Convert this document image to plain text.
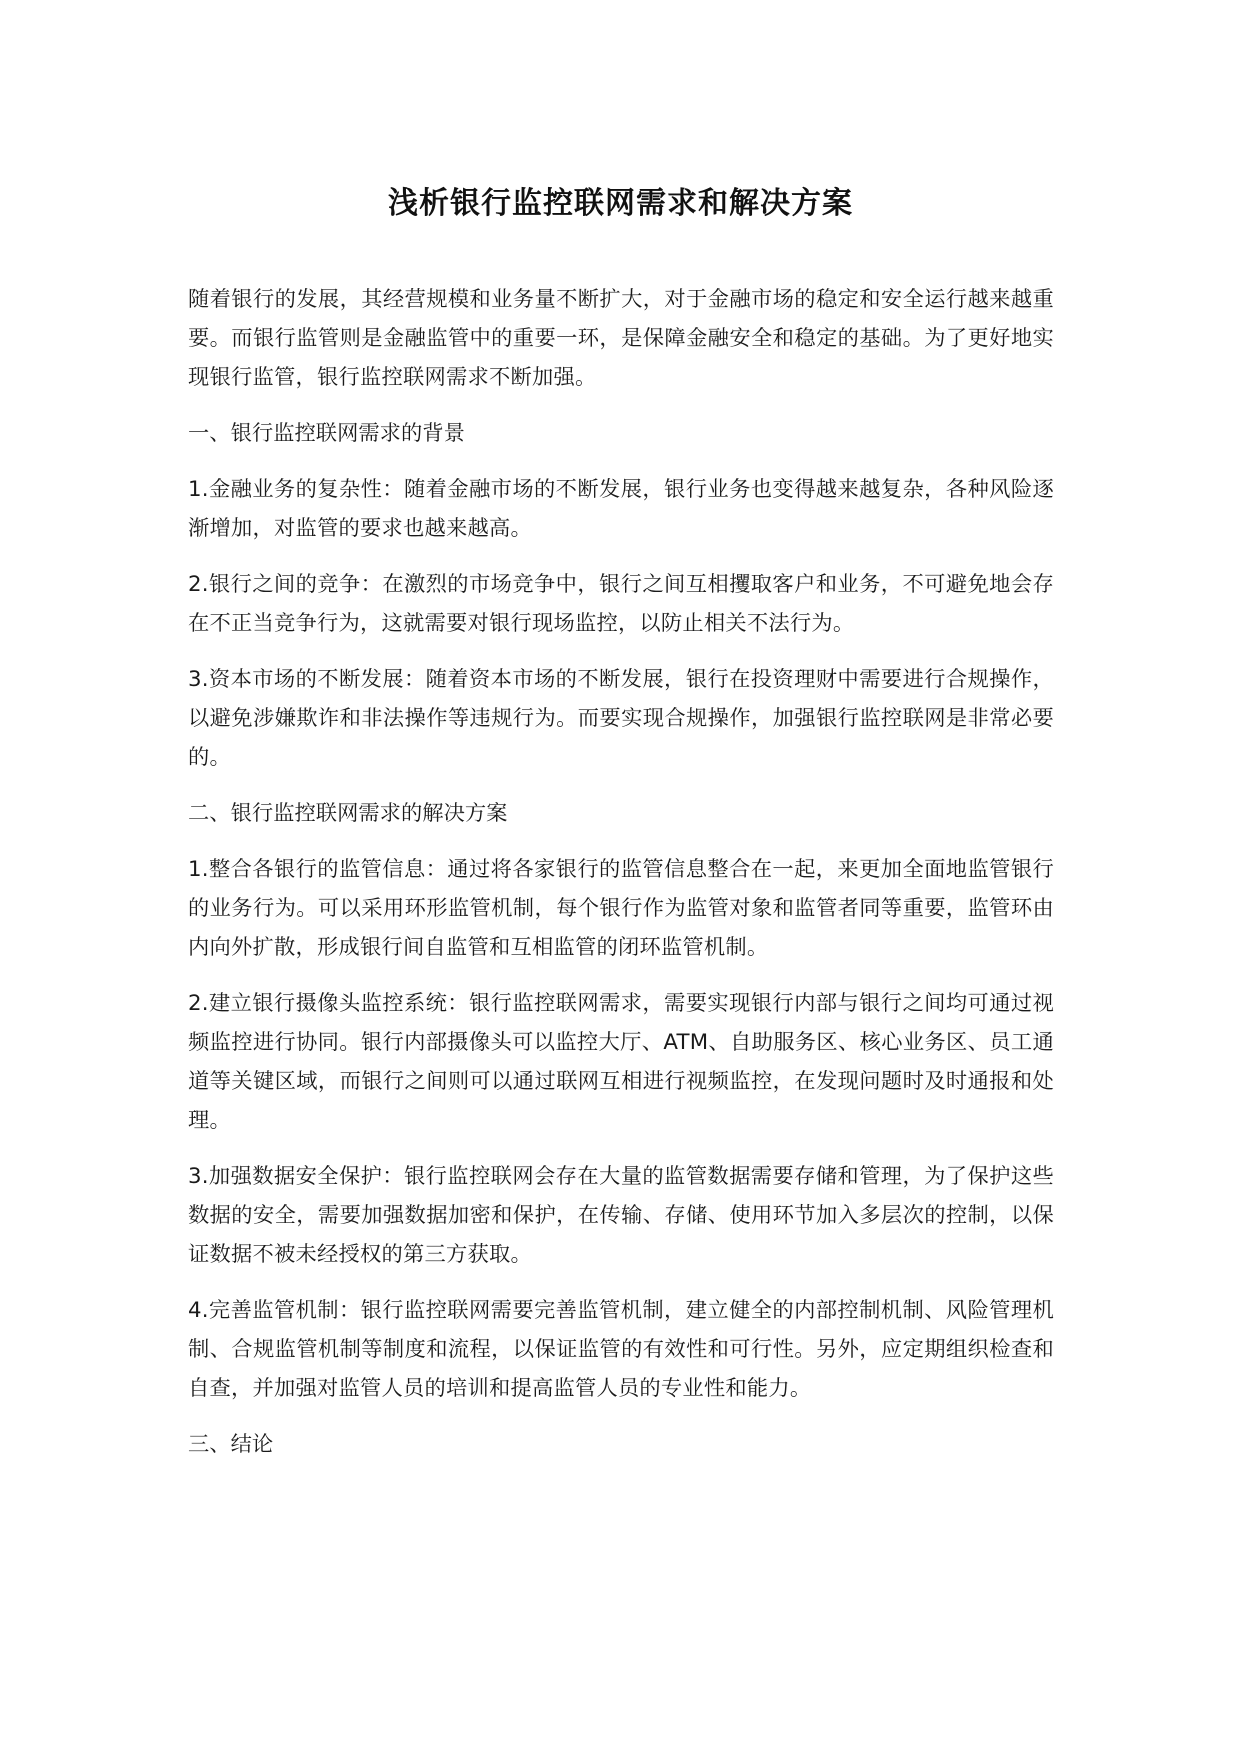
浅析银行监控联网需求和解决方案

随着银行的发展，其经营规模和业务量不断扩大，对于金融市场的稳定和安全运行越来越重要。而银行监管则是金融监管中的重要一环，是保障金融安全和稳定的基础。为了更好地实现银行监管，银行监控联网需求不断加强。

一、银行监控联网需求的背景

1.金融业务的复杂性：随着金融市场的不断发展，银行业务也变得越来越复杂，各种风险逐渐增加，对监管的要求也越来越高。

2.银行之间的竞争：在激烈的市场竞争中，银行之间互相攫取客户和业务，不可避免地会存在不正当竞争行为，这就需要对银行现场监控，以防止相关不法行为。

3.资本市场的不断发展：随着资本市场的不断发展，银行在投资理财中需要进行合规操作，以避免涉嫌欺诈和非法操作等违规行为。而要实现合规操作，加强银行监控联网是非常必要的。

二、银行监控联网需求的解决方案

1.整合各银行的监管信息：通过将各家银行的监管信息整合在一起，来更加全面地监管银行的业务行为。可以采用环形监管机制，每个银行作为监管对象和监管者同等重要，监管环由内向外扩散，形成银行间自监管和互相监管的闭环监管机制。

2.建立银行摄像头监控系统：银行监控联网需求，需要实现银行内部与银行之间均可通过视频监控进行协同。银行内部摄像头可以监控大厅、ATM、自助服务区、核心业务区、员工通道等关键区域，而银行之间则可以通过联网互相进行视频监控，在发现问题时及时通报和处理。

3.加强数据安全保护：银行监控联网会存在大量的监管数据需要存储和管理，为了保护这些数据的安全，需要加强数据加密和保护，在传输、存储、使用环节加入多层次的控制，以保证数据不被未经授权的第三方获取。

4.完善监管机制：银行监控联网需要完善监管机制，建立健全的内部控制机制、风险管理机制、合规监管机制等制度和流程，以保证监管的有效性和可行性。另外，应定期组织检查和自查，并加强对监管人员的培训和提高监管人员的专业性和能力。

三、结论
